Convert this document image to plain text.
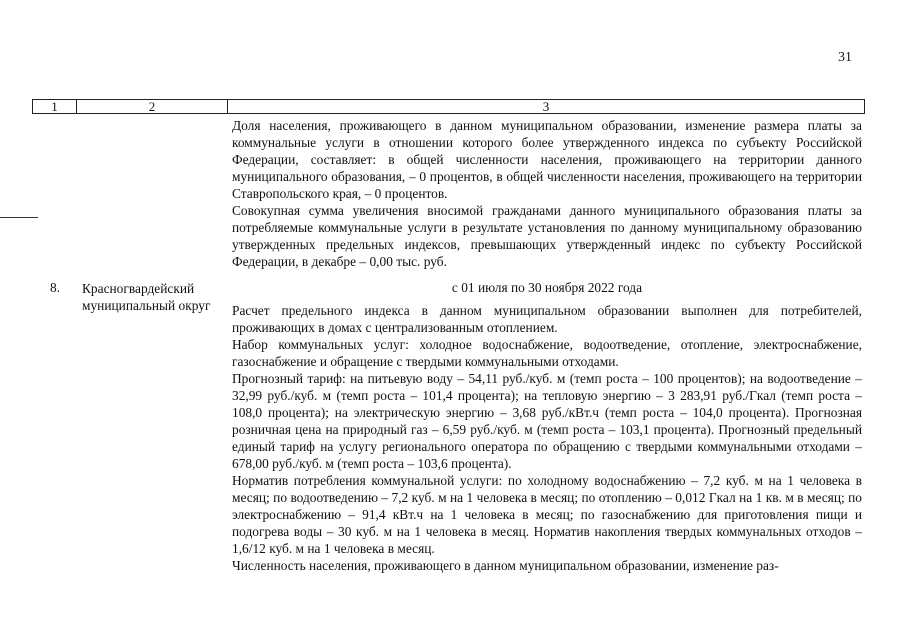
31
1	2	3

Доля населения, проживающего в данном муниципальном образовании, изменение размера платы за коммунальные услуги в отношении которого более утвержденного индекса по субъекту Российской Федерации, составляет: в общей численности населения, проживающего на территории данного муниципального образования, – 0 процентов, в общей численности населения, проживающего на территории Ставропольского края, – 0 процентов.

Совокупная сумма увеличения вносимой гражданами данного муниципального образования платы за потребляемые коммунальные услуги в результате установления по данному муниципальному образованию утвержденных предельных индексов, превышающих утвержденный индекс по субъекту Российской Федерации, в декабре – 0,00 тыс. руб.

8. Красногвардейский муниципальный округ
с 01 июля по 30 ноября 2022 года

Расчет предельного индекса в данном муниципальном образовании выполнен для потребителей, проживающих в домах с централизованным отоплением.

Набор коммунальных услуг: холодное водоснабжение, водоотведение, отопление, электроснабжение, газоснабжение и обращение с твердыми коммунальными отходами.

Прогнозный тариф: на питьевую воду – 54,11 руб./куб. м (темп роста – 100 процентов); на водоотведение – 32,99 руб./куб. м (темп роста – 101,4 процента); на тепловую энергию – 3 283,91 руб./Гкал (темп роста – 108,0 процента); на электрическую энергию – 3,68 руб./кВт.ч (темп роста – 104,0 процента). Прогнозная розничная цена на природный газ – 6,59 руб./куб. м (темп роста – 103,1 процента). Прогнозный предельный единый тариф на услугу регионального оператора по обращению с твердыми коммунальными отходами – 678,00 руб./куб. м (темп роста – 103,6 процента).

Норматив потребления коммунальной услуги: по холодному водоснабжению – 7,2 куб. м на 1 человека в месяц; по водоотведению – 7,2 куб. м на 1 человека в месяц; по отоплению – 0,012 Гкал на 1 кв. м в месяц; по электроснабжению – 91,4 кВт.ч на 1 человека в месяц; по газоснабжению для приготовления пищи и подогрева воды – 30 куб. м на 1 человека в месяц. Норматив накопления твердых коммунальных отходов – 1,6/12 куб. м на 1 человека в месяц.

Численность населения, проживающего в данном муниципальном образовании, изменение раз-
